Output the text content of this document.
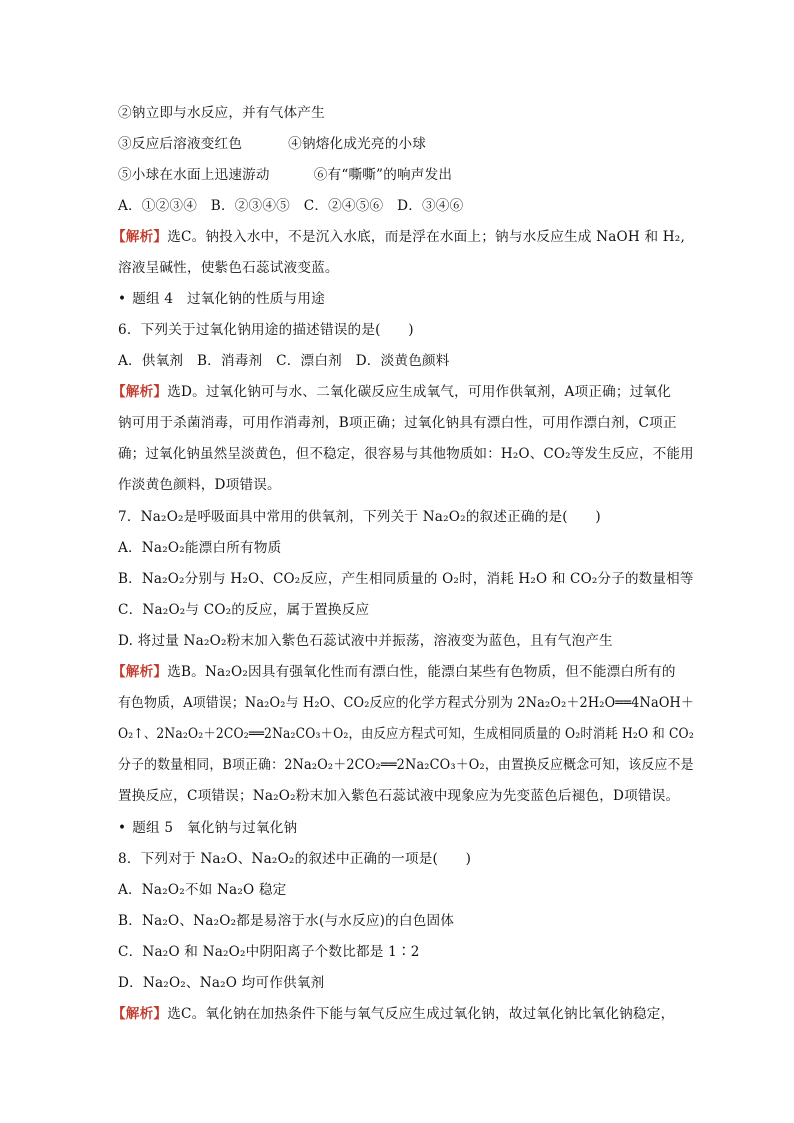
②钠立即与水反应，并有气体产生
③反应后溶液变红色	④钠熔化成光亮的小球
⑤小球在水面上迅速游动	⑥有“嘶嘶”的响声发出
A．①②③④　B．②③④⑤　C．②④⑤⑥　D．③④⑥
【解析】选C。钠投入水中，不是沉入水底，而是浮在水面上；钠与水反应生成 NaOH 和 H₂,
溶液呈碱性，使紫色石蕊试液变蓝。
• 题组 4　过氧化钠的性质与用途
6．下列关于过氧化钠用途的描述错误的是(　　)
A．供氧剂　B．消毒剂　C．漂白剂　D．淡黄色颜料
【解析】选D。过氧化钠可与水、二氧化碳反应生成氧气，可用作供氧剂，A项正确；过氧化
钠可用于杀菌消毒，可用作消毒剂，B项正确；过氧化钠具有漂白性，可用作漂白剂，C项正
确；过氧化钠虽然呈淡黄色，但不稳定，很容易与其他物质如：H₂O、CO₂等发生反应，不能用
作淡黄色颜料，D项错误。
7．Na₂O₂是呼吸面具中常用的供氧剂，下列关于 Na₂O₂的叙述正确的是(　　)
A．Na₂O₂能漂白所有物质
B．Na₂O₂分别与 H₂O、CO₂反应，产生相同质量的 O₂时，消耗 H₂O 和 CO₂分子的数量相等
C．Na₂O₂与 CO₂的反应，属于置换反应
D. 将过量 Na₂O₂粉末加入紫色石蕊试液中并振荡，溶液变为蓝色，且有气泡产生
【解析】选B。Na₂O₂因具有强氧化性而有漂白性，能漂白某些有色物质，但不能漂白所有的
有色物质，A项错误；Na₂O₂与 H₂O、CO₂反应的化学方程式分别为 2Na₂O₂＋2H₂O══4NaOH＋
O₂↑、2Na₂O₂＋2CO₂══2Na₂CO₃＋O₂，由反应方程式可知，生成相同质量的 O₂时消耗 H₂O 和 CO₂
分子的数量相同，B项正确：2Na₂O₂＋2CO₂══2Na₂CO₃＋O₂，由置换反应概念可知，该反应不是
置换反应，C项错误；Na₂O₂粉末加入紫色石蕊试液中现象应为先变蓝色后褪色，D项错误。
• 题组 5　氧化钠与过氧化钠
8．下列对于 Na₂O、Na₂O₂的叙述中正确的一项是(　　)
A．Na₂O₂不如 Na₂O 稳定
B．Na₂O、Na₂O₂都是易溶于水(与水反应)的白色固体
C．Na₂O 和 Na₂O₂中阴阳离子个数比都是 1∶2
D．Na₂O₂、Na₂O 均可作供氧剂
【解析】选C。氧化钠在加热条件下能与氧气反应生成过氧化钠，故过氧化钠比氧化钠稳定，
